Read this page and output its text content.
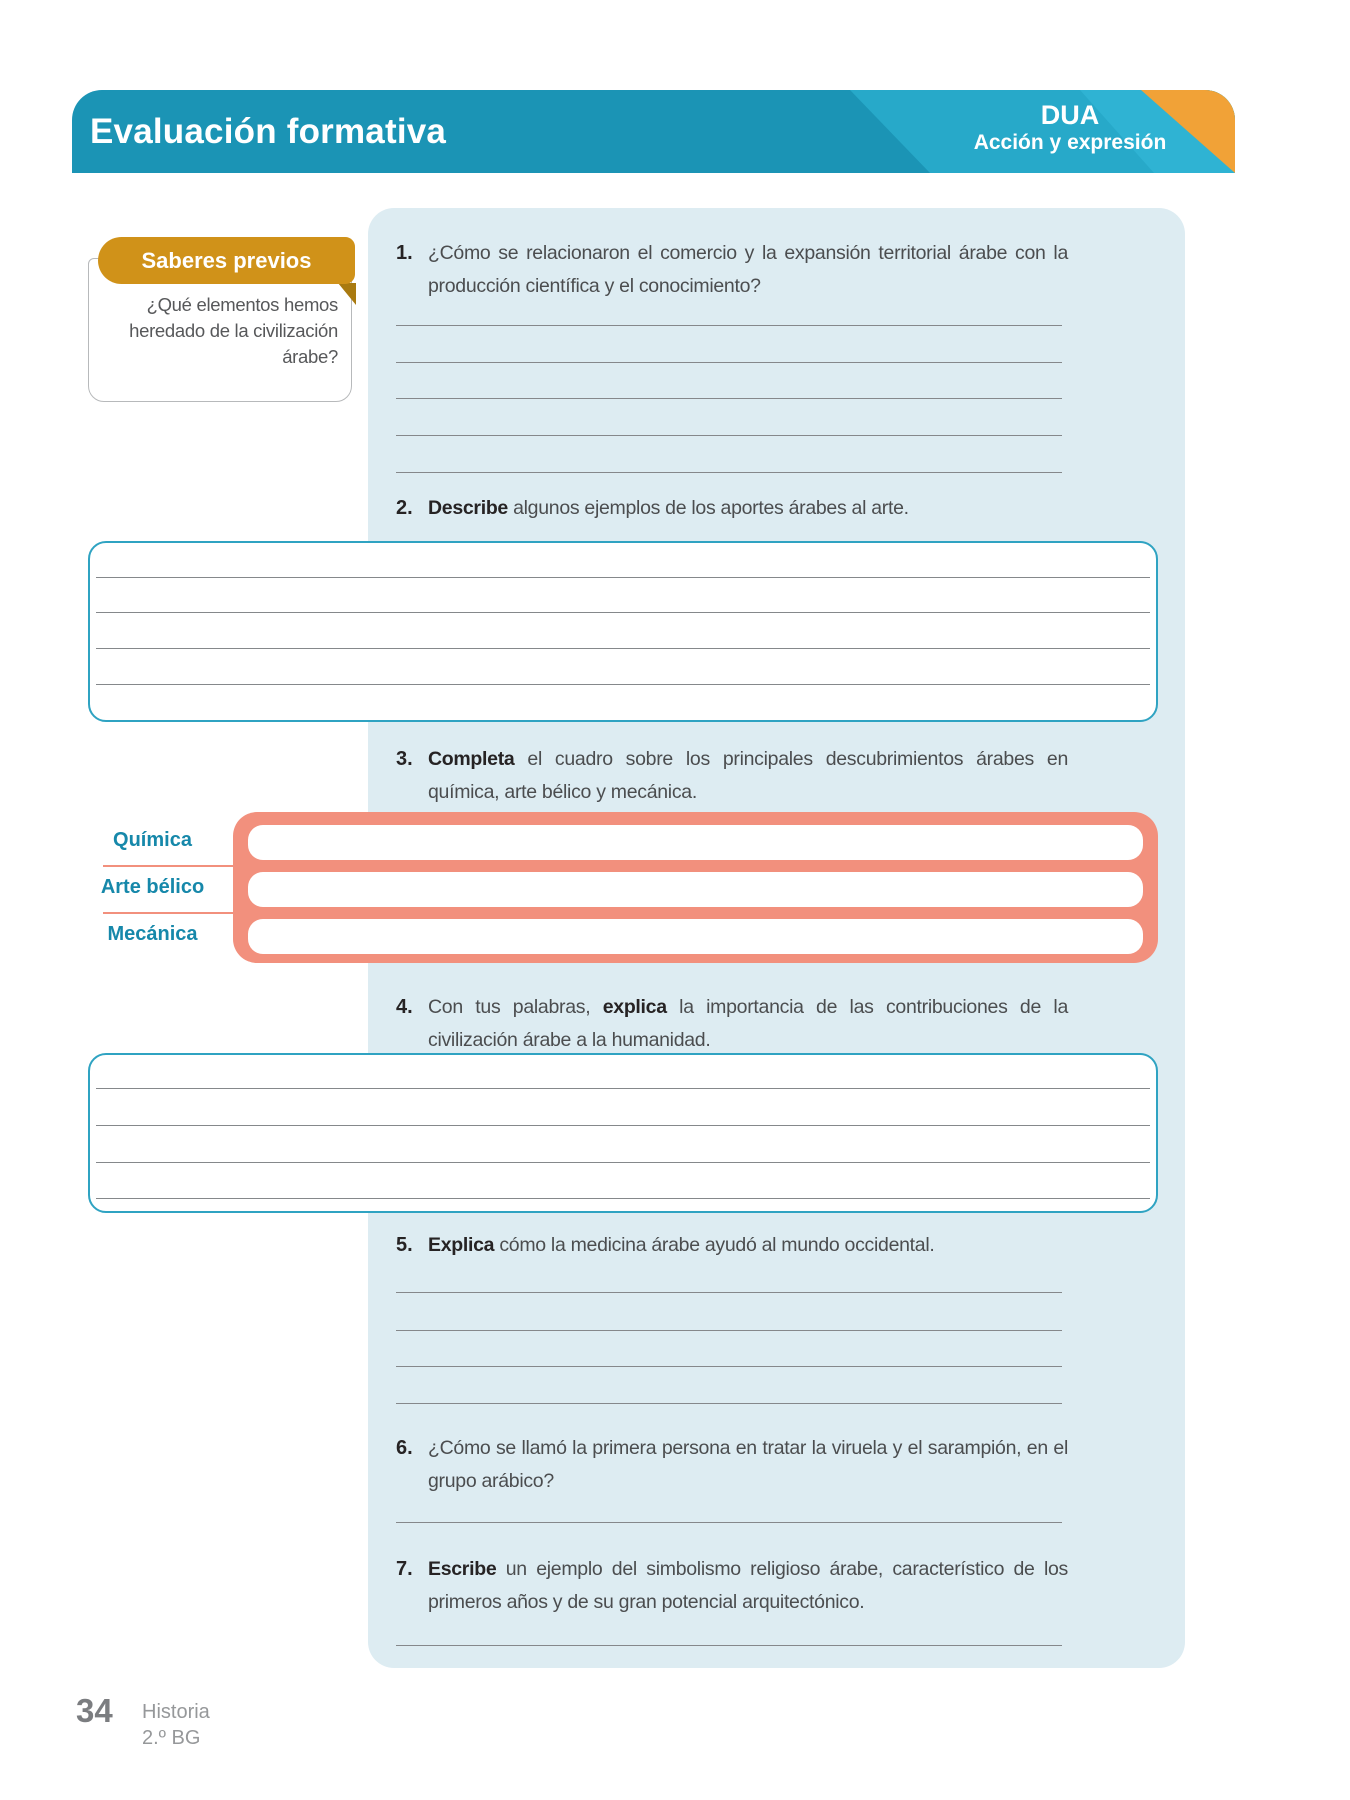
Evaluación formativa	DUA
Acción y expresión
Saberes previos
¿Qué elementos hemos heredado de la civilización árabe?
1. ¿Cómo se relacionaron el comercio y la expansión territorial árabe con la producción científica y el conocimiento?

2. Describe algunos ejemplos de los aportes árabes al arte.

3. Completa el cuadro sobre los principales descubrimientos árabes en química, arte bélico y mecánica.

Química
Arte bélico
Mecánica
4. Con tus palabras, explica la importancia de las contribuciones de la civilización árabe a la humanidad.

5. Explica cómo la medicina árabe ayudó al mundo occidental.

6. ¿Cómo se llamó la primera persona en tratar la viruela y el sarampión, en el grupo arábico?

7. Escribe un ejemplo del simbolismo religioso árabe, característico de los primeros años y de su gran potencial arquitectónico.

34 Historia
2.º BG
